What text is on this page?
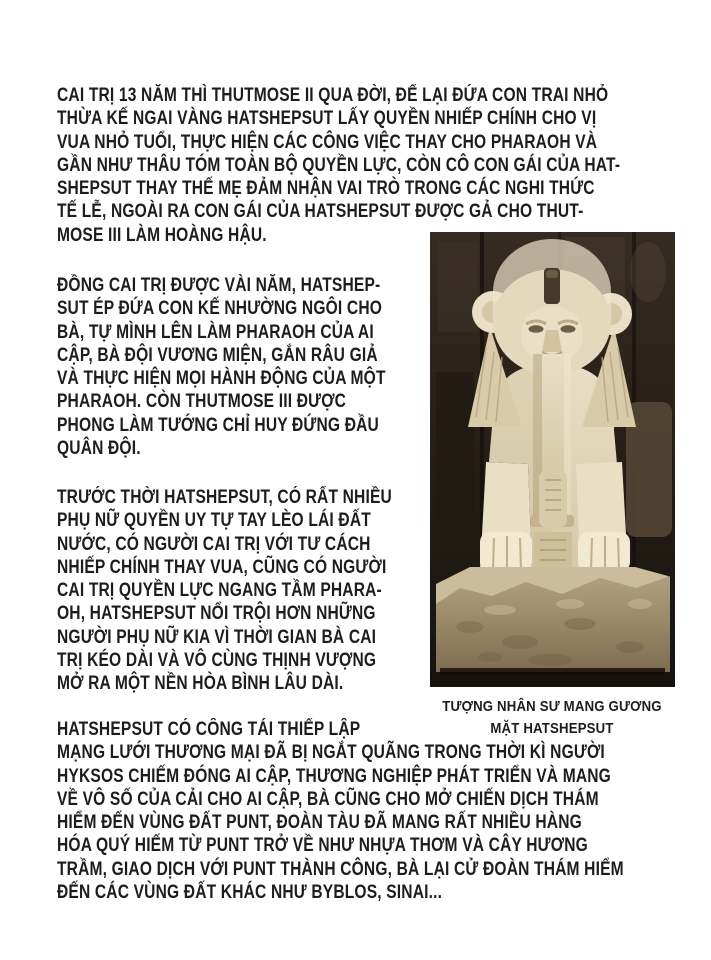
CAI TRỊ 13 NĂM THÌ THUTMOSE II QUA ĐỜI, ĐỂ LẠI ĐỨA CON TRAI NHỎ
THỪA KẾ NGAI VÀNG HATSHEPSUT LẤY QUYỀN NHIẾP CHÍNH CHO VỊ
VUA NHỎ TUỔI, THỰC HIỆN CÁC CÔNG VIỆC THAY CHO PHARAOH VÀ
GẦN NHƯ THÂU TÓM TOÀN BỘ QUYỀN LỰC, CÒN CÔ CON GÁI CỦA HAT-
SHEPSUT THAY THẾ MẸ ĐẢM NHẬN VAI TRÒ TRONG CÁC NGHI THỨC
TẾ LỄ, NGOÀI RA CON GÁI CỦA HATSHEPSUT ĐƯỢC GẢ CHO THUT-
MOSE III LÀM HOÀNG HẬU.
ĐỒNG CAI TRỊ ĐƯỢC VÀI NĂM, HATSHEP-
SUT ÉP ĐỨA CON KẾ NHƯỜNG NGÔI CHO
BÀ, TỰ MÌNH LÊN LÀM PHARAOH CỦA AI
CẬP, BÀ ĐỘI VƯƠNG MIỆN, GẮN RÂU GIẢ
VÀ THỰC HIỆN MỌI HÀNH ĐỘNG CỦA MỘT
PHARAOH. CÒN THUTMOSE III ĐƯỢC
PHONG LÀM TƯỚNG CHỈ HUY ĐỨNG ĐẦU
QUÂN ĐỘI.
TRƯỚC THỜI HATSHEPSUT, CÓ RẤT NHIỀU
PHỤ NỮ QUYỀN UY TỰ TAY LÈO LÁI ĐẤT
NƯỚC, CÓ NGƯỜI CAI TRỊ VỚI TƯ CÁCH
NHIẾP CHÍNH THAY VUA, CŨNG CÓ NGƯỜI
CAI TRỊ QUYỀN LỰC NGANG TẦM PHARA-
OH, HATSHEPSUT NỔI TRỘI HƠN NHỮNG
NGƯỜI PHỤ NỮ KIA VÌ THỜI GIAN BÀ CAI
TRỊ KÉO DÀI VÀ VÔ CÙNG THỊNH VƯỢNG
MỞ RA MỘT NỀN HÒA BÌNH LÂU DÀI.
HATSHEPSUT CÓ CÔNG TÁI THIẾP LẬP
MẠNG LƯỚI THƯƠNG MẠI ĐÃ BỊ NGẮT QUÃNG TRONG THỜI KÌ NGƯỜI
HYKSOS CHIẾM ĐÓNG AI CẬP, THƯƠNG NGHIỆP PHÁT TRIỂN VÀ MANG
VỀ VÔ SỐ CỦA CẢI CHO AI CẬP, BÀ CŨNG CHO MỞ CHIẾN DỊCH THÁM
HIỂM ĐẾN VÙNG ĐẤT PUNT, ĐOÀN TÀU ĐÃ MANG RẤT NHIỀU HÀNG
HÓA QUÝ HIẾM TỪ PUNT TRỞ VỀ NHƯ NHỰA THƠM VÀ CÂY HƯƠNG
TRẦM, GIAO DỊCH VỚI PUNT THÀNH CÔNG, BÀ LẠI CỬ ĐOÀN THÁM HIỂM
ĐẾN CÁC VÙNG ĐẤT KHÁC NHƯ BYBLOS, SINAI...
TƯỢNG NHÂN SƯ MANG GƯƠNG
MẶT HATSHEPSUT
